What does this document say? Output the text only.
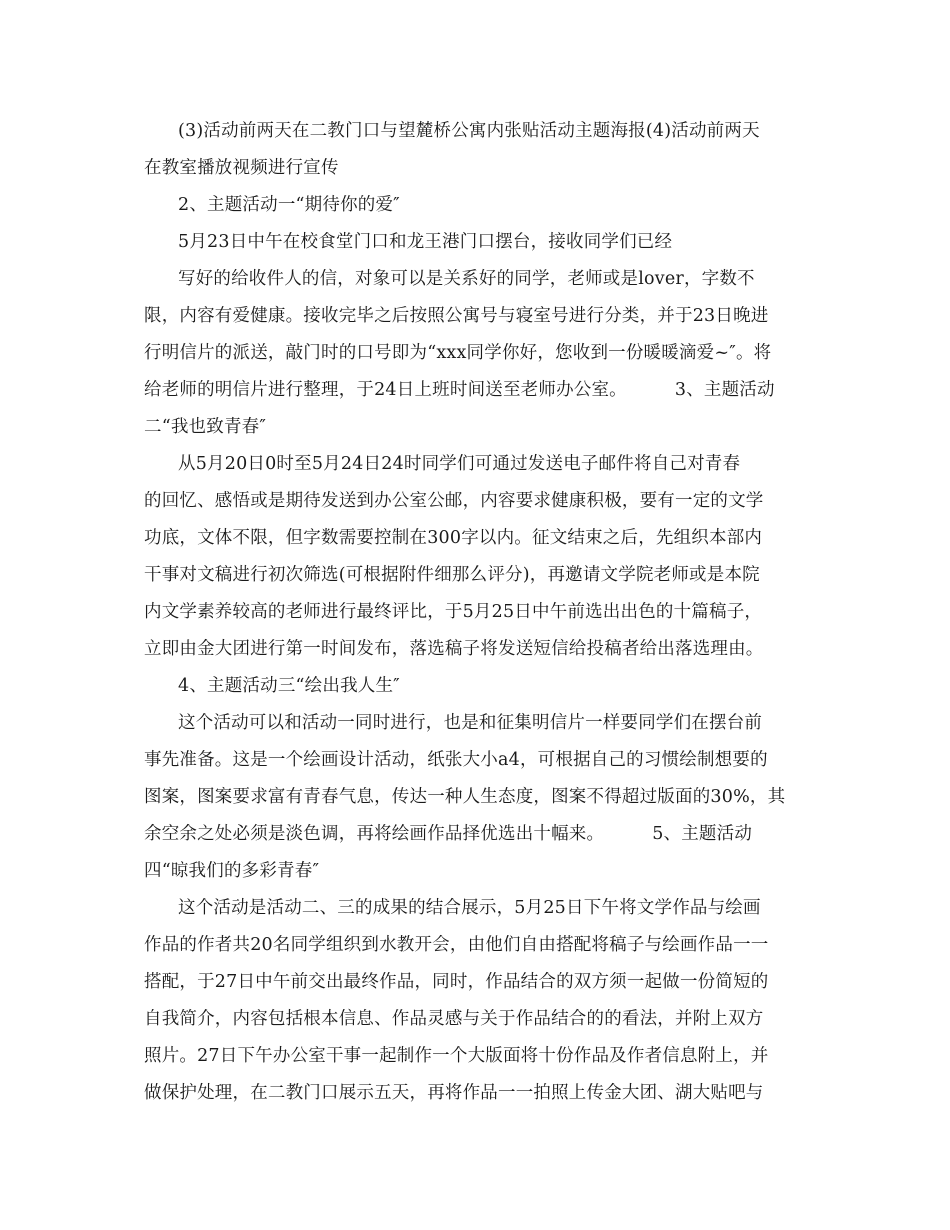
(3)活动前两天在二教门口与望麓桥公寓内张贴活动主题海报(4)活动前两天
在教室播放视频进行宣传
2、主题活动一“期待你的爱″
5月23日中午在校食堂门口和龙王港门口摆台，接收同学们已经
写好的给收件人的信，对象可以是关系好的同学，老师或是lover，字数不
限，内容有爱健康。接收完毕之后按照公寓号与寝室号进行分类，并于23日晚进
行明信片的派送，敲门时的口号即为“xxx同学你好，您收到一份暖暖滴爱~″。将
给老师的明信片进行整理，于24日上班时间送至老师办公室。	3、主题活动
二“我也致青春″
从5月20日0时至5月24日24时同学们可通过发送电子邮件将自己对青春
的回忆、感悟或是期待发送到办公室公邮，内容要求健康积极，要有一定的文学
功底，文体不限，但字数需要控制在300字以内。征文结束之后，先组织本部内
干事对文稿进行初次筛选(可根据附件细那么评分)，再邀请文学院老师或是本院
内文学素养较高的老师进行最终评比，于5月25日中午前选出出色的十篇稿子，
立即由金大团进行第一时间发布，落选稿子将发送短信给投稿者给出落选理由。
4、主题活动三“绘出我人生″
这个活动可以和活动一同时进行，也是和征集明信片一样要同学们在摆台前
事先准备。这是一个绘画设计活动，纸张大小a4，可根据自己的习惯绘制想要的
图案，图案要求富有青春气息，传达一种人生态度，图案不得超过版面的30%，其
余空余之处必须是淡色调，再将绘画作品择优选出十幅来。	5、主题活动
四“晾我们的多彩青春″
这个活动是活动二、三的成果的结合展示，5月25日下午将文学作品与绘画
作品的作者共20名同学组织到水教开会，由他们自由搭配将稿子与绘画作品一一
搭配，于27日中午前交出最终作品，同时，作品结合的双方须一起做一份简短的
自我简介，内容包括根本信息、作品灵感与关于作品结合的的看法，并附上双方
照片。27日下午办公室干事一起制作一个大版面将十份作品及作者信息附上，并
做保护处理，在二教门口展示五天，再将作品一一拍照上传金大团、湖大贴吧与
